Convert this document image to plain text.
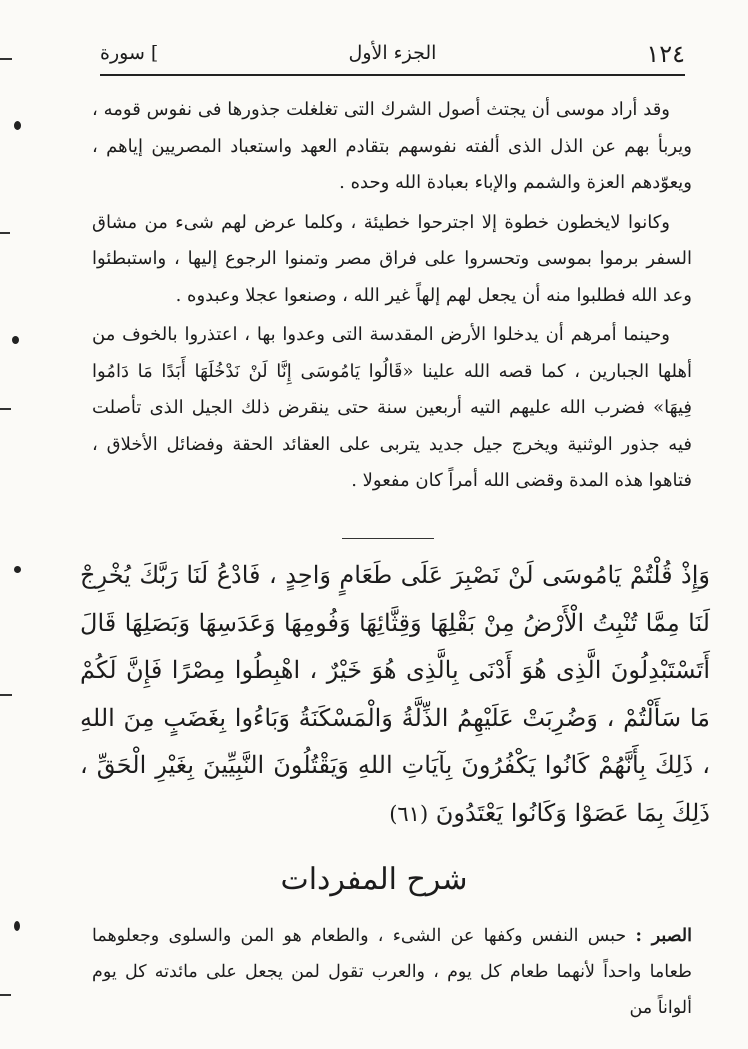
١٢٤
الجزء الأول
سورة [

وقد أراد موسى أن يجتث أصول الشرك التى تغلغلت جذورها فى نفوس قومه ، ويربأ بهم عن الذل الذى ألفته نفوسهم بتقادم العهد واستعباد المصريين إياهم ، ويعوّدهم العزة والشمم والإباء بعبادة الله وحده .

وكانوا لايخطون خطوة إلا اجترحوا خطيئة ، وكلما عرض لهم شىء من مشاق السفر برموا بموسى وتحسروا على فراق مصر وتمنوا الرجوع إليها ، واستبطئوا وعد الله فطلبوا منه أن يجعل لهم إلهاً غير الله ، وصنعوا عجلا وعبدوه .

وحينما أمرهم أن يدخلوا الأرض المقدسة التى وعدوا بها ، اعتذروا بالخوف من أهلها الجبارين ، كما قصه الله علينا «قَالُوا يَامُوسَى إِنَّا لَنْ نَدْخُلَهَا أَبَدًا مَا دَامُوا فِيهَا» فضرب الله عليهم التيه أربعين سنة حتى ينقرض ذلك الجيل الذى تأصلت فيه جذور الوثنية ويخرج جيل جديد يتربى على العقائد الحقة وفضائل الأخلاق ، فتاهوا هذه المدة وقضى الله أمراً كان مفعولا .

وَإِذْ قُلْتُمْ يَامُوسَى لَنْ نَصْبِرَ عَلَى طَعَامٍ وَاحِدٍ ، فَادْعُ لَنَا رَبَّكَ يُخْرِجْ لَنَا مِمَّا تُنْبِتُ الْأَرْضُ مِنْ بَقْلِهَا وَقِثَّائِهَا وَفُومِهَا وَعَدَسِهَا وَبَصَلِهَا قَالَ أَتَسْتَبْدِلُونَ الَّذِى هُوَ أَدْنَى بِالَّذِى هُوَ خَيْرٌ ، اهْبِطُوا مِصْرًا فَإِنَّ لَكُمْ مَا سَأَلْتُمْ ، وَضُرِبَتْ عَلَيْهِمُ الذِّلَّةُ وَالْمَسْكَنَةُ وَبَاءُوا بِغَضَبٍ مِنَ اللهِ ، ذَلِكَ بِأَنَّهُمْ كَانُوا يَكْفُرُونَ بِآيَاتِ اللهِ وَيَقْتُلُونَ النَّبِيِّينَ بِغَيْرِ الْحَقِّ ، ذَلِكَ بِمَا عَصَوْا وَكَانُوا يَعْتَدُونَ (٦١)
شرح المفردات
الصبر : حبس النفس وكفها عن الشىء ، والطعام هو المن والسلوى وجعلوهما طعاما واحداً لأنهما طعام كل يوم ، والعرب تقول لمن يجعل على مائدته كل يوم ألواناً من
